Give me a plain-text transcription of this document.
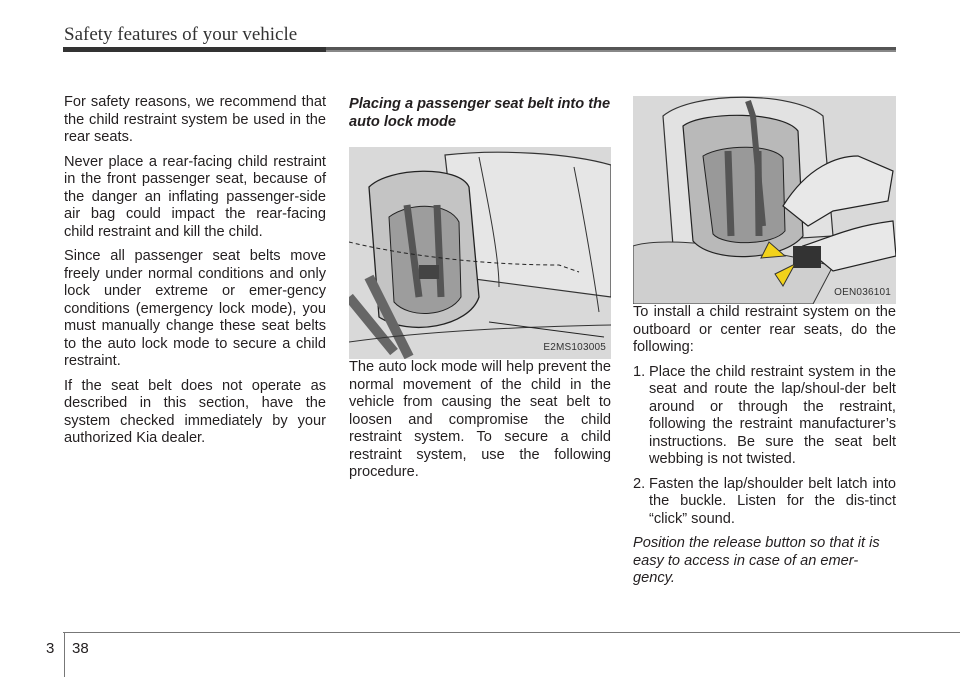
Safety features of your vehicle

For safety reasons, we recommend that the child restraint system be used in the rear seats.

Never place a rear-facing child restraint in the front passenger seat, because of the danger an inflating passenger-side air bag could impact the rear-facing child restraint and kill the child.

Since all passenger seat belts move freely under normal conditions and only lock under extreme or emer-gency conditions (emergency lock mode), you must manually change these seat belts to the auto lock mode to secure a child restraint.

If the seat belt does not operate as described in this section, have the system checked immediately by your authorized Kia dealer.

Placing a passenger seat belt into the auto lock mode
E2MS103005

The auto lock mode will help prevent the normal movement of the child in the vehicle from causing the seat belt to loosen and compromise the child restraint system. To secure a child restraint system, use the following procedure.

OEN036101

To install a child restraint system on the outboard or center rear seats, do the following:

1. Place the child restraint system in the seat and route the lap/shoul-der belt around or through the restraint, following the restraint manufacturer’s instructions. Be sure the seat belt webbing is not twisted.
2. Fasten the lap/shoulder belt latch into the buckle. Listen for the dis-tinct “click” sound.

Position the release button so that it is easy to access in case of an emer-gency.

3 38
